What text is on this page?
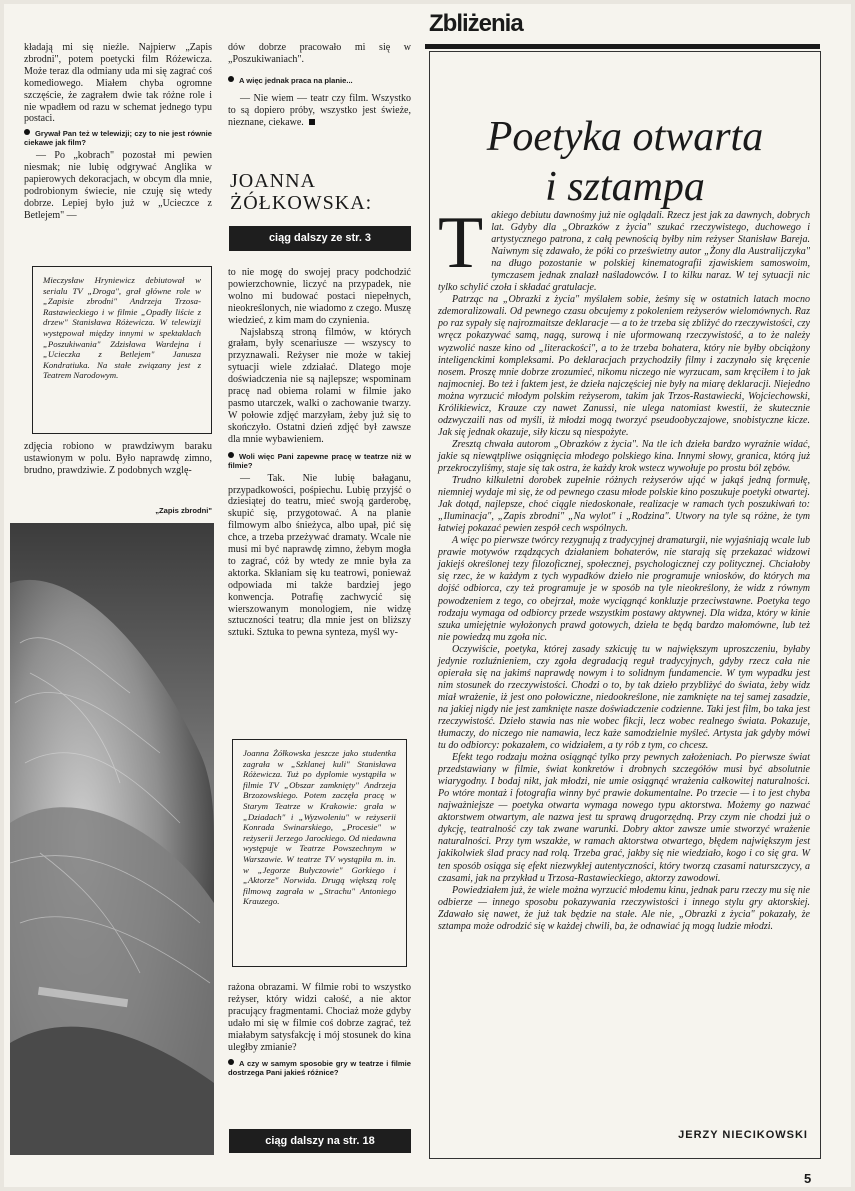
Zbliżenia

kładają mi się nieźle. Najpierw „Zapis zbrodni", potem poetycki film Różewicza. Może teraz dla odmiany uda mi się zagrać coś komediowego. Miałem chyba ogromne szczęście, że zagrałem dwie tak różne role i nie wpadłem od razu w schemat jednego typu postaci.

Grywał Pan też w telewizji; czy to nie jest równie ciekawe jak film?

— Po „kobrach" pozostał mi pewien niesmak; nie lubię odgrywać Anglika w papierowych dekoracjach, w obcym dla mnie, podrobionym świecie, nie czuję się wtedy dobrze. Lepiej było już w „Ucieczce z Betlejem" —

Mieczysław Hryniewicz debiutował w serialu TV „Droga", grał główne role w „Zapisie zbrodni" Andrzeja Trzosa-Rastawieckiego i w filmie „Opadły liście z drzew" Stanisława Różewicza. W telewizji występował między innymi w spektaklach „Poszukiwania" Zdzisława Wardejna i „Ucieczka z Betlejem" Janusza Kondratiuka. Na stałe związany jest z Teatrem Narodowym.

zdjęcia robiono w prawdziwym baraku ustawionym w polu. Było naprawdę zimno, brudno, prawdziwie. Z podobnych wzglę-

„Zapis zbrodni"

dów dobrze pracowało mi się w „Poszukiwaniach".

A więc jednak praca na planie...

— Nie wiem — teatr czy film. Wszystko to są dopiero próby, wszystko jest świeże, nieznane, ciekawe.

JOANNA
ŻÓŁKOWSKA:
ciąg dalszy ze str. 3

to nie mogę do swojej pracy podchodzić powierzchownie, liczyć na przypadek, nie wolno mi budować postaci niepełnych, nieokreślonych, nie wiadomo z czego. Muszę wiedzieć, z kim mam do czynienia.

Najsłabszą stroną filmów, w których grałam, były scenariusze — wszyscy to przyznawali. Reżyser nie może w takiej sytuacji wiele zdziałać. Dlatego moje doświadczenia nie są najlepsze; wspominam pracę nad obiema rolami w filmie jako pasmo utarczek, walki o zachowanie twarzy. W połowie zdjęć marzyłam, żeby już się to skończyło. Ostatni dzień zdjęć był zawsze dla mnie wybawieniem.

Woli więc Pani zapewne pracę w teatrze niż w filmie?

— Tak. Nie lubię bałaganu, przypadkowości, pośpiechu. Lubię przyjść o dziesiątej do teatru, mieć swoją garderobę, skupić się, przygotować. A na planie filmowym albo śnieżyca, albo upał, pić się chce, a trzeba przeżywać dramaty. Wcale nie musi mi być naprawdę zimno, żebym mogła to zagrać, cóż by wtedy ze mnie była za aktorka. Skłaniam się ku teatrowi, ponieważ odpowiada mi także bardziej jego konwencja. Potrafię zachwycić się wierszowanym monologiem, nie widzę sztuczności teatru; dla mnie jest on bliższy sztuki. Sztuka to pewna synteza, myśl wy-

Joanna Żółkowska jeszcze jako studentka zagrała w „Szklanej kuli" Stanisława Różewicza. Tuż po dyplomie wystąpiła w filmie TV „Obszar zamknięty" Andrzeja Brzozowskiego. Potem zaczęła pracę w Starym Teatrze w Krakowie: grała w „Dziadach" i „Wyzwoleniu" w reżyserii Konrada Swinarskiego, „Procesie" w reżyserii Jerzego Jarockiego. Od niedawna występuje w Teatrze Powszechnym w Warszawie. W teatrze TV wystąpiła m. in. w „Jegorze Bułyczowie" Gorkiego i „Aktorze" Norwida. Drugą większą rolę filmową zagrała w „Strachu" Antoniego Krauzego.

rażona obrazami. W filmie robi to wszystko reżyser, który widzi całość, a nie aktor pracujący fragmentami. Chociaż może gdyby udało mi się w filmie coś dobrze zagrać, też miałabym satysfakcję i mój stosunek do kina uległby zmianie?

A czy w samym sposobie gry w teatrze i filmie dostrzega Pani jakieś różnice?

ciąg dalszy na str. 18
Poetyka otwarta
i sztampa

Takiego debiutu dawnośmy już nie oglądali. Rzecz jest jak za dawnych, dobrych lat. Gdyby dla „Obrazków z życia" szukać rzeczywistego, duchowego i artystycznego patrona, z całą pewnością byłby nim reżyser Stanisław Bareja. Naiwnym się zdawało, że póki co prześwietny autor „Żony dla Australijczyka" na długo pozostanie w polskiej kinematografii zjawiskiem samoswoim, tymczasem jednak znalazł naśladowców. I to kilku naraz. W tej sytuacji nic tylko schylić czoła i składać gratulacje.

Patrząc na „Obrazki z życia" myślałem sobie, żeśmy się w ostatnich latach mocno zdemoralizowali. Od pewnego czasu obcujemy z pokoleniem reżyserów wielomównych. Raz po raz sypały się najrozmaitsze deklaracje — a to że trzeba się zbliżyć do rzeczywistości, czy wręcz pokazywać samą, nagą, surową i nie uformowaną rzeczywistość, a to że należy wyzwolić nasze kino od „literackości", a to że trzeba bohatera, który nie byłby obciążony inteligenckimi kompleksami. Po deklaracjach przychodziły filmy i zaczynało się kręcenie nosem. Proszę mnie dobrze zrozumieć, nikomu niczego nie wyrzucam, sam kręciłem i to jak najmocniej. Bo też i faktem jest, że dzieła najczęściej nie były na miarę deklaracji. Niejedno można wyrzucić młodym polskim reżyserom, takim jak Trzos-Rastawiecki, Wojciechowski, Królikiewicz, Krauze czy nawet Zanussi, nie ulega natomiast kwestii, że skutecznie odzwyczaili nas od myśli, iż młodzi mogą tworzyć pseudoobyczajowe, snobistyczne kicze. Jak się jednak okazuje, siły kiczu są niespożyte.

Zresztą chwała autorom „Obrazków z życia". Na tle ich dzieła bardzo wyraźnie widać, jakie są niewątpliwe osiągnięcia młodego polskiego kina. Innymi słowy, granica, którą już przekroczyliśmy, staje się tak ostra, że każdy krok wstecz wywołuje po prostu ból zębów.

Trudno kilkuletni dorobek zupełnie różnych reżyserów ująć w jakąś jedną formułę, niemniej wydaje mi się, że od pewnego czasu młode polskie kino poszukuje poetyki otwartej. Jak dotąd, najlepsze, choć ciągle niedoskonałe, realizacje w ramach tych poszukiwań to: „Iluminacja", „Zapis zbrodni" „Na wylot" i „Rodzina". Utwory na tyle są różne, że tym łatwiej pokazać pewien zespół cech wspólnych.

A więc po pierwsze twórcy rezygnują z tradycyjnej dramaturgii, nie wyjaśniają wcale lub prawie motywów rządzących działaniem bohaterów, nie starają się przekazać widzowi jakiejś określonej tezy filozoficznej, społecznej, psychologicznej czy politycznej. Chciałoby się rzec, że w każdym z tych wypadków dzieło nie programuje wniosków, do których ma dojść odbiorca, czy też programuje je w sposób na tyle nieokreślony, że widz z równym powodzeniem z tego, co obejrzał, może wyciągnąć konkluzje przeciwstawne. Poetyka tego rodzaju wymaga od odbiorcy przede wszystkim postawy aktywnej. Dla widza, który w kinie szuka umiejętnie wyłożonych prawd gotowych, dzieła te będą bardzo małomówne, lub też nie powiedzą mu zgoła nic.

Oczywiście, poetyka, której zasady szkicuję tu w największym uproszczeniu, byłaby jedynie rozluźnieniem, czy zgoła degradacją reguł tradycyjnych, gdyby rzecz cała nie opierała się na jakimś naprawdę nowym i to solidnym fundamencie. W tym wypadku jest nim stosunek do rzeczywistości. Chodzi o to, by tak dzieło przybliżyć do świata, żeby widz miał wrażenie, iż jest ono połowiczne, niedookreślone, nie zamknięte na tej samej zasadzie, na jakiej nigdy nie jest zamknięte nasze doświadczenie codzienne. Taki jest film, bo taka jest rzeczywistość. Dzieło stawia nas nie wobec fikcji, lecz wobec realnego świata. Pokazuje, tłumaczy, do niczego nie namawia, lecz każe samodzielnie myśleć. Artysta jak gdyby mówi tu do odbiorcy: pokazałem, co widziałem, a ty rób z tym, co chcesz.

Efekt tego rodzaju można osiągnąć tylko przy pewnych założeniach. Po pierwsze świat przedstawiany w filmie, świat konkretów i drobnych szczegółów musi być absolutnie wiarygodny. I bodaj nikt, jak młodzi, nie umie osiągnąć wrażenia całkowitej naturalności. Po wtóre montaż i fotografia winny być prawie dokumentalne. Po trzecie — i to jest chyba najważniejsze — poetyka otwarta wymaga nowego typu aktorstwa. Możemy go nazwać aktorstwem otwartym, ale nazwa jest tu sprawą drugorzędną. Przy czym nie chodzi już o dykcję, teatralność czy tak zwane warunki. Dobry aktor zawsze umie stworzyć wrażenie naturalności. Przy tym wszakże, w ramach aktorstwa otwartego, błędem największym jest jakikolwiek ślad pracy nad rolą. Trzeba grać, jakby się nie wiedziało, kogo i co się gra. W ten sposób osiąga się efekt niezwykłej autentyczności, który tworzą czasami naturszczycy, a czasami, jak na przykład u Trzosa-Rastawieckiego, aktorzy zawodowi.

Powiedziałem już, że wiele można wyrzucić młodemu kinu, jednak paru rzeczy mu się nie odbierze — innego sposobu pokazywania rzeczywistości i innego stylu gry aktorskiej. Zdawało się nawet, że już tak będzie na stałe. Ale nie, „Obrazki z życia" pokazały, że sztampa może odrodzić się w każdej chwili, ba, że odnawiać ją mogą ludzie młodzi.

JERZY NIECIKOWSKI
5
